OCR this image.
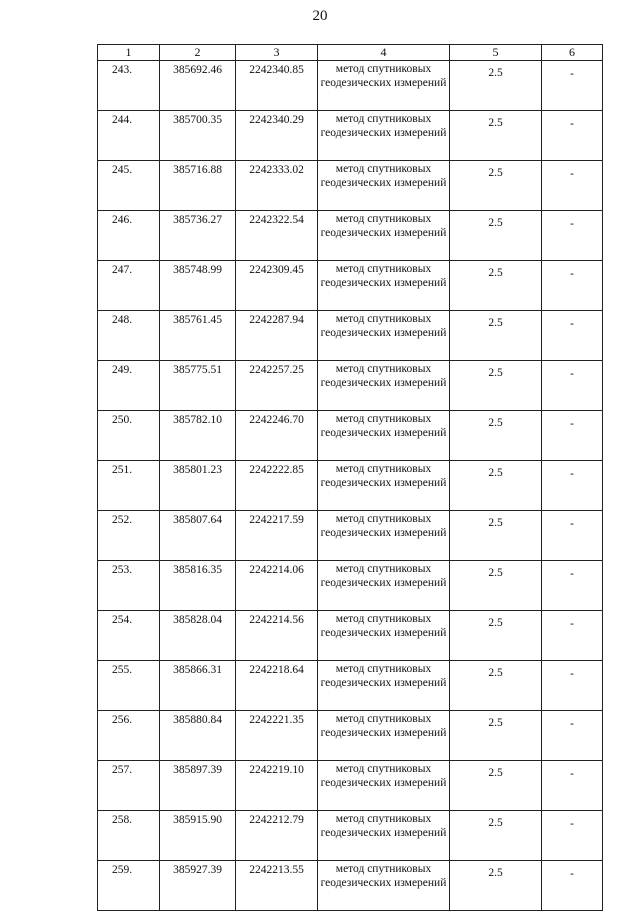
20
1	2	3	4	5	6
243.	385692.46	2242340.85	метод спутниковых геодезических измерений	2.5	-
244.	385700.35	2242340.29	метод спутниковых геодезических измерений	2.5	-
245.	385716.88	2242333.02	метод спутниковых геодезических измерений	2.5	-
246.	385736.27	2242322.54	метод спутниковых геодезических измерений	2.5	-
247.	385748.99	2242309.45	метод спутниковых геодезических измерений	2.5	-
248.	385761.45	2242287.94	метод спутниковых геодезических измерений	2.5	-
249.	385775.51	2242257.25	метод спутниковых геодезических измерений	2.5	-
250.	385782.10	2242246.70	метод спутниковых геодезических измерений	2.5	-
251.	385801.23	2242222.85	метод спутниковых геодезических измерений	2.5	-
252.	385807.64	2242217.59	метод спутниковых геодезических измерений	2.5	-
253.	385816.35	2242214.06	метод спутниковых геодезических измерений	2.5	-
254.	385828.04	2242214.56	метод спутниковых геодезических измерений	2.5	-
255.	385866.31	2242218.64	метод спутниковых геодезических измерений	2.5	-
256.	385880.84	2242221.35	метод спутниковых геодезических измерений	2.5	-
257.	385897.39	2242219.10	метод спутниковых геодезических измерений	2.5	-
258.	385915.90	2242212.79	метод спутниковых геодезических измерений	2.5	-
259.	385927.39	2242213.55	метод спутниковых геодезических измерений	2.5	-
